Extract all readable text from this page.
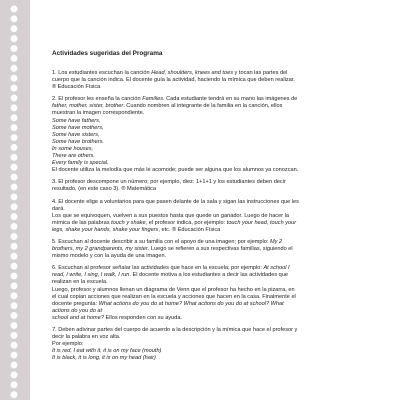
Actividades sugeridas del Programa
1. Los estudiantes escuchan la canción Head, shoulders, knees and toes y tocan las partes del
cuerpo que la canción indica. El docente guía la actividad, haciendo la mímica que deben realizar.
® Educación Física
2. El profesor les enseña la canción Families. Cada estudiante tendrá en su mano las imágenes de
father, mother, sister, brother. Cuando nombren al integrante de la familia en la canción, ellos
muestran la imagen correspondiente.
Some have fathers,
Some have mothers,
Some have sisters,
Some have brothers.
In some houses,
There are others.
Every family is special.
El docente utiliza la melodía que más le acomode; puede ser alguna que los alumnos ya conozcan.
3. El profesor descompone un número; por ejemplo, diez: 1+1+1 y los estudiantes deben decir
resultado, (en este caso 3). ® Matemática
4. El docente elige a voluntarios para que pasen delante de la sala y sigan las instrucciones que les
dará.
Los que se equivoquen, vuelven a sus puestos hasta que quede un ganador. Luego de hacer la
mímica de las palabras touch y shake, el profesor indica, por ejemplo: touch your head, touch your
legs, shake your hands, shake your fingers, etc. ® Educación Física
5. Escuchan al docente describir a su familia con el apoyo de una imagen; por ejemplo: My 2
brothers, my 2 grandparents, my sister. Luego se refieren a sus respectivas familias, siguiendo el
mismo modelo y con la ayuda de una imagen.
6. Escuchan al profesor señalar las actividades que hace en la escuela; por ejemplo: At school I
read, I write, I sing, I walk, I run. El docente motiva a los estudiantes a decir las actividades que
realizan en la escuela.
Luego, profesor y alumnos llenan un diagrama de Venn que el profesor ha hecho en la pizarra, en
el cual copian acciones que realizan en la escuela y acciones que hacen en la casa. Finalmente el
docente pregunta: What actions do you do at home? What actions do you do at school? What
actions do you do at
school and at home? Ellos responden con su ayuda.
7. Deben adivinar partes del cuerpo de acuerdo a la descripción y la mímica que hace el profesor y
decir la palabra en voz alta.
Por ejemplo:
It is red, I eat with it, it is on my face (mouth)
It is black, it is long, it is on my head (hair)
